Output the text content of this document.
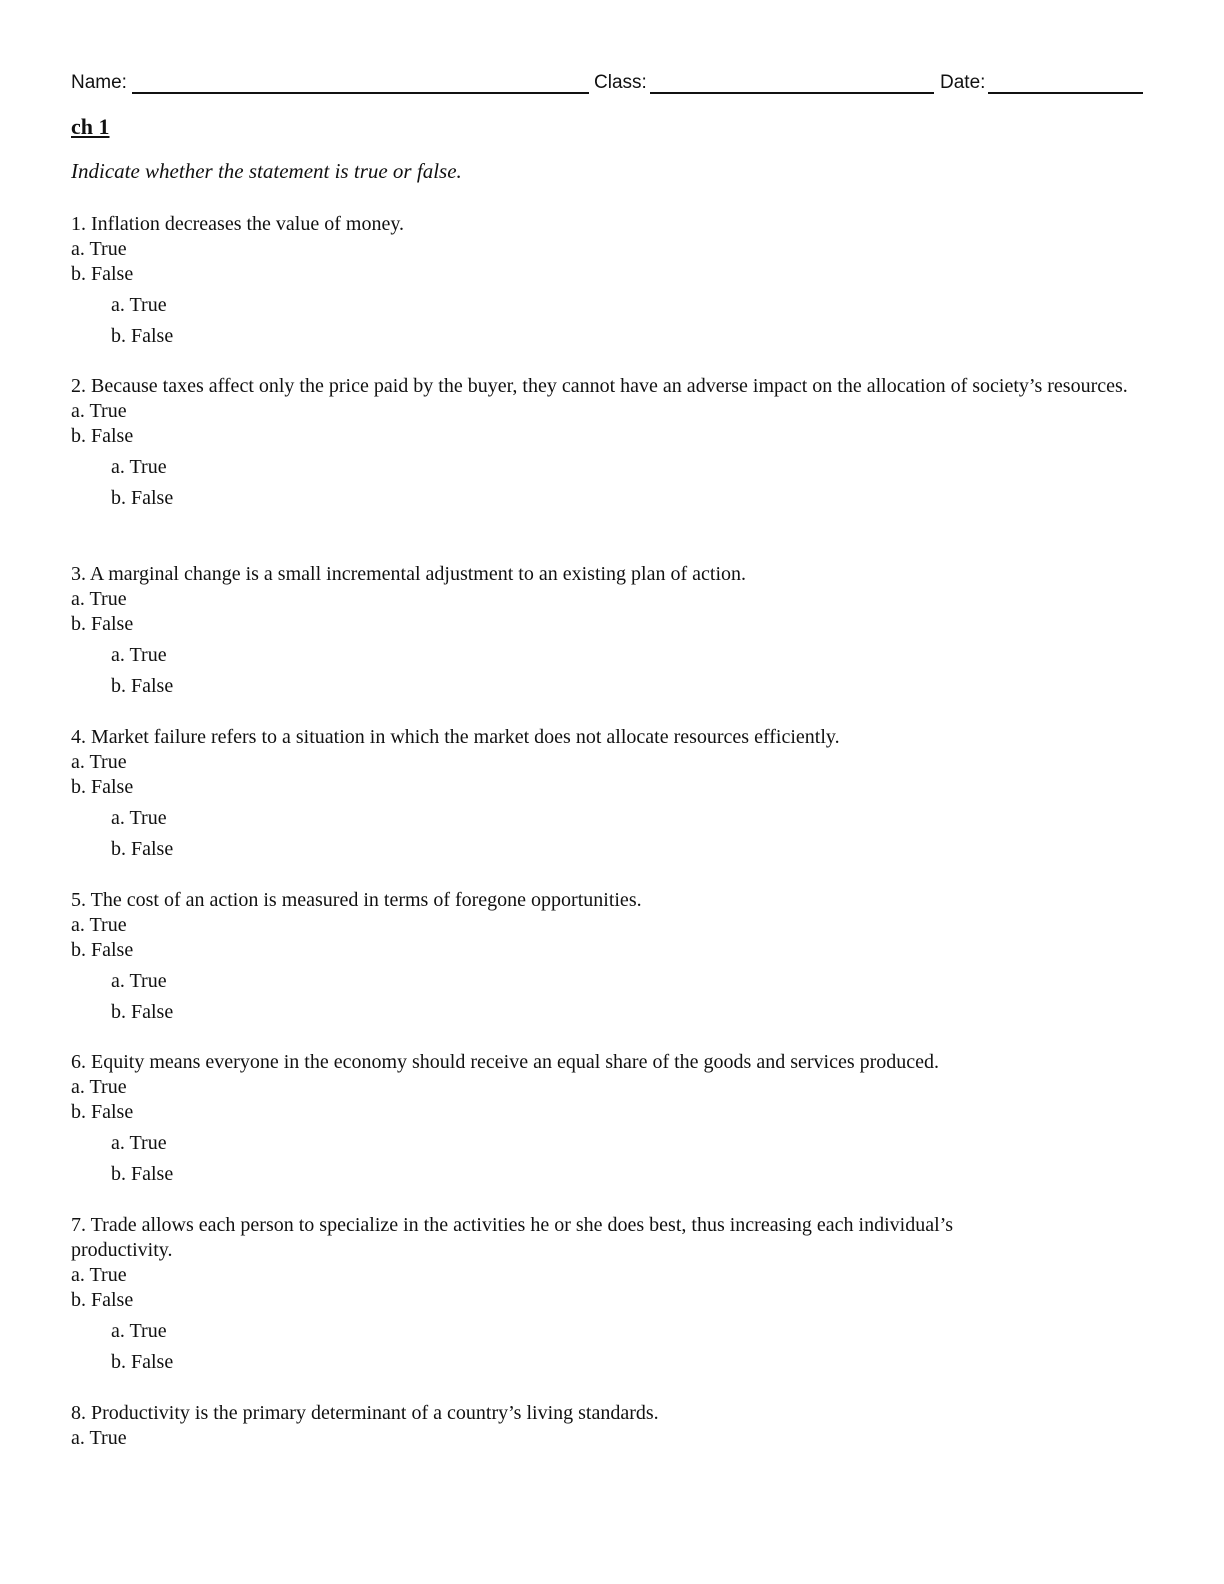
Name:	Class:	Date:
ch 1
Indicate whether the statement is true or false.
1. Inflation decreases the value of money.
a. True
b. False
a. True
b. False
2. Because taxes affect only the price paid by the buyer, they cannot have an adverse impact on the allocation of society’s resources.
a. True
b. False
a. True
b. False
3. A marginal change is a small incremental adjustment to an existing plan of action.
a. True
b. False
a. True
b. False
4. Market failure refers to a situation in which the market does not allocate resources efficiently.
a. True
b. False
a. True
b. False
5. The cost of an action is measured in terms of foregone opportunities.
a. True
b. False
a. True
b. False
6. Equity means everyone in the economy should receive an equal share of the goods and services produced.
a. True
b. False
a. True
b. False
7. Trade allows each person to specialize in the activities he or she does best, thus increasing each individual’s productivity.
a. True
b. False
a. True
b. False
8. Productivity is the primary determinant of a country’s living standards.
a. True
